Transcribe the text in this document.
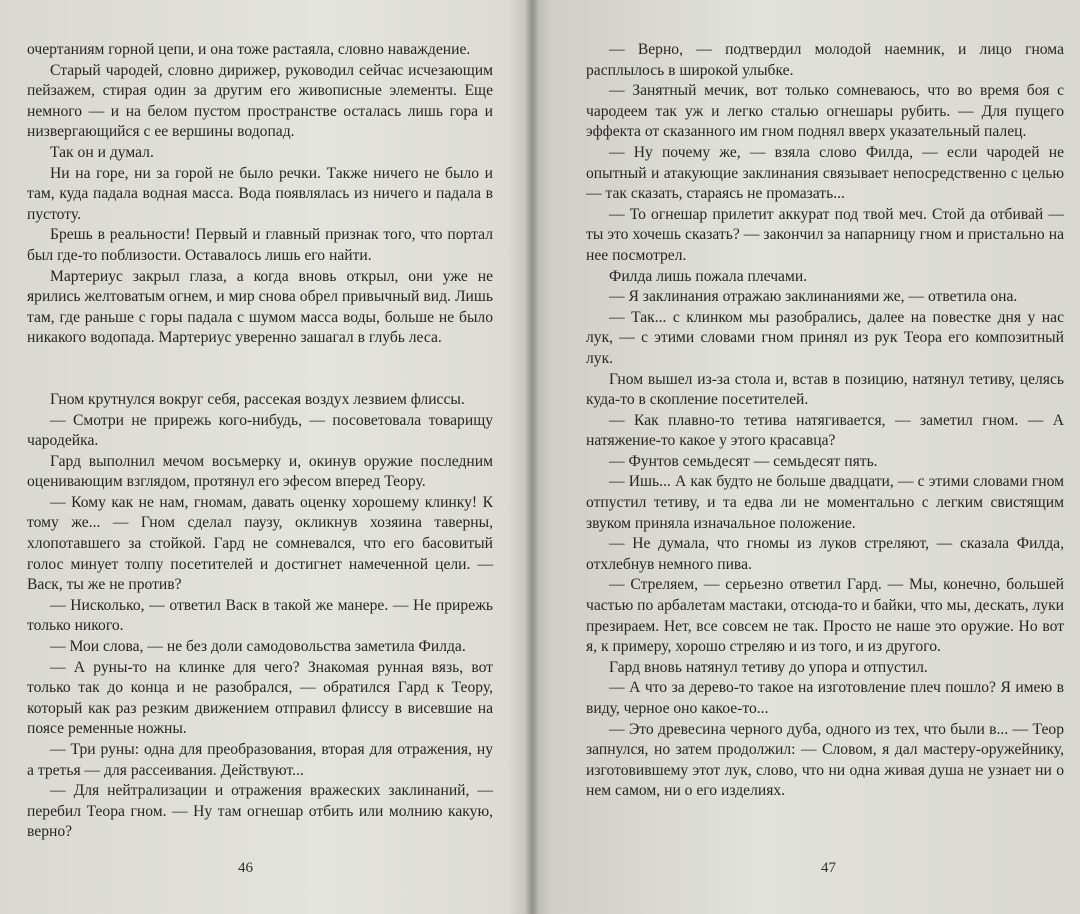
очертаниям горной цепи, и она тоже растаяла, словно наваждение.

Старый чародей, словно дирижер, руководил сейчас исчезающим пейзажем, стирая один за другим его живописные элементы. Еще немного — и на белом пустом пространстве осталась лишь гора и низвергающийся с ее вершины водопад.

Так он и думал.

Ни на горе, ни за горой не было речки. Также ничего не было и там, куда падала водная масса. Вода появлялась из ничего и падала в пустоту.

Брешь в реальности! Первый и главный признак того, что портал был где-то поблизости. Оставалось лишь его найти.

Мартериус закрыл глаза, а когда вновь открыл, они уже не ярились желтоватым огнем, и мир снова обрел привычный вид. Лишь там, где раньше с горы падала с шумом масса воды, больше не было никакого водопада. Мартериус уверенно зашагал в глубь леса.

Гном крутнулся вокруг себя, рассекая воздух лезвием флиссы.

— Смотри не прирежь кого-нибудь, — посоветовала товарищу чародейка.

Гард выполнил мечом восьмерку и, окинув оружие последним оценивающим взглядом, протянул его эфесом вперед Теору.

— Кому как не нам, гномам, давать оценку хорошему клинку! К тому же... — Гном сделал паузу, окликнув хозяина таверны, хлопотавшего за стойкой. Гард не сомневался, что его басовитый голос минует толпу посетителей и достигнет намеченной цели. — Васк, ты же не против?

— Нисколько, — ответил Васк в такой же манере. — Не прирежь только никого.

— Мои слова, — не без доли самодовольства заметила Филда.

— А руны-то на клинке для чего? Знакомая рунная вязь, вот только так до конца и не разобрался, — обратился Гард к Теору, который как раз резким движением отправил флиссу в висевшие на поясе ременные ножны.

— Три руны: одна для преобразования, вторая для отражения, ну а третья — для рассеивания. Действуют...

— Для нейтрализации и отражения вражеских заклинаний, — перебил Теора гном. — Ну там огнешар отбить или молнию какую, верно?

46

— Верно, — подтвердил молодой наемник, и лицо гнома расплылось в широкой улыбке.

— Занятный мечик, вот только сомневаюсь, что во время боя с чародеем так уж и легко сталью огнешары рубить. — Для пущего эффекта от сказанного им гном поднял вверх указательный палец.

— Ну почему же, — взяла слово Филда, — если чародей не опытный и атакующие заклинания связывает непосредственно с целью — так сказать, стараясь не промазать...

— То огнешар прилетит аккурат под твой меч. Стой да отбивай — ты это хочешь сказать? — закончил за напарницу гном и пристально на нее посмотрел.

Филда лишь пожала плечами.

— Я заклинания отражаю заклинаниями же, — ответила она.

— Так... с клинком мы разобрались, далее на повестке дня у нас лук, — с этими словами гном принял из рук Теора его композитный лук.

Гном вышел из-за стола и, встав в позицию, натянул тетиву, целясь куда-то в скопление посетителей.

— Как плавно-то тетива натягивается, — заметил гном. — А натяжение-то какое у этого красавца?

— Фунтов семьдесят — семьдесят пять.

— Ишь... А как будто не больше двадцати, — с этими словами гном отпустил тетиву, и та едва ли не моментально с легким свистящим звуком приняла изначальное положение.

— Не думала, что гномы из луков стреляют, — сказала Филда, отхлебнув немного пива.

— Стреляем, — серьезно ответил Гард. — Мы, конечно, большей частью по арбалетам мастаки, отсюда-то и байки, что мы, дескать, луки презираем. Нет, все совсем не так. Просто не наше это оружие. Но вот я, к примеру, хорошо стреляю и из того, и из другого.

Гард вновь натянул тетиву до упора и отпустил.

— А что за дерево-то такое на изготовление плеч пошло? Я имею в виду, черное оно какое-то...

— Это древесина черного дуба, одного из тех, что были в... — Теор запнулся, но затем продолжил: — Словом, я дал мастеру-оружейнику, изготовившему этот лук, слово, что ни одна живая душа не узнает ни о нем самом, ни о его изделиях.

47
